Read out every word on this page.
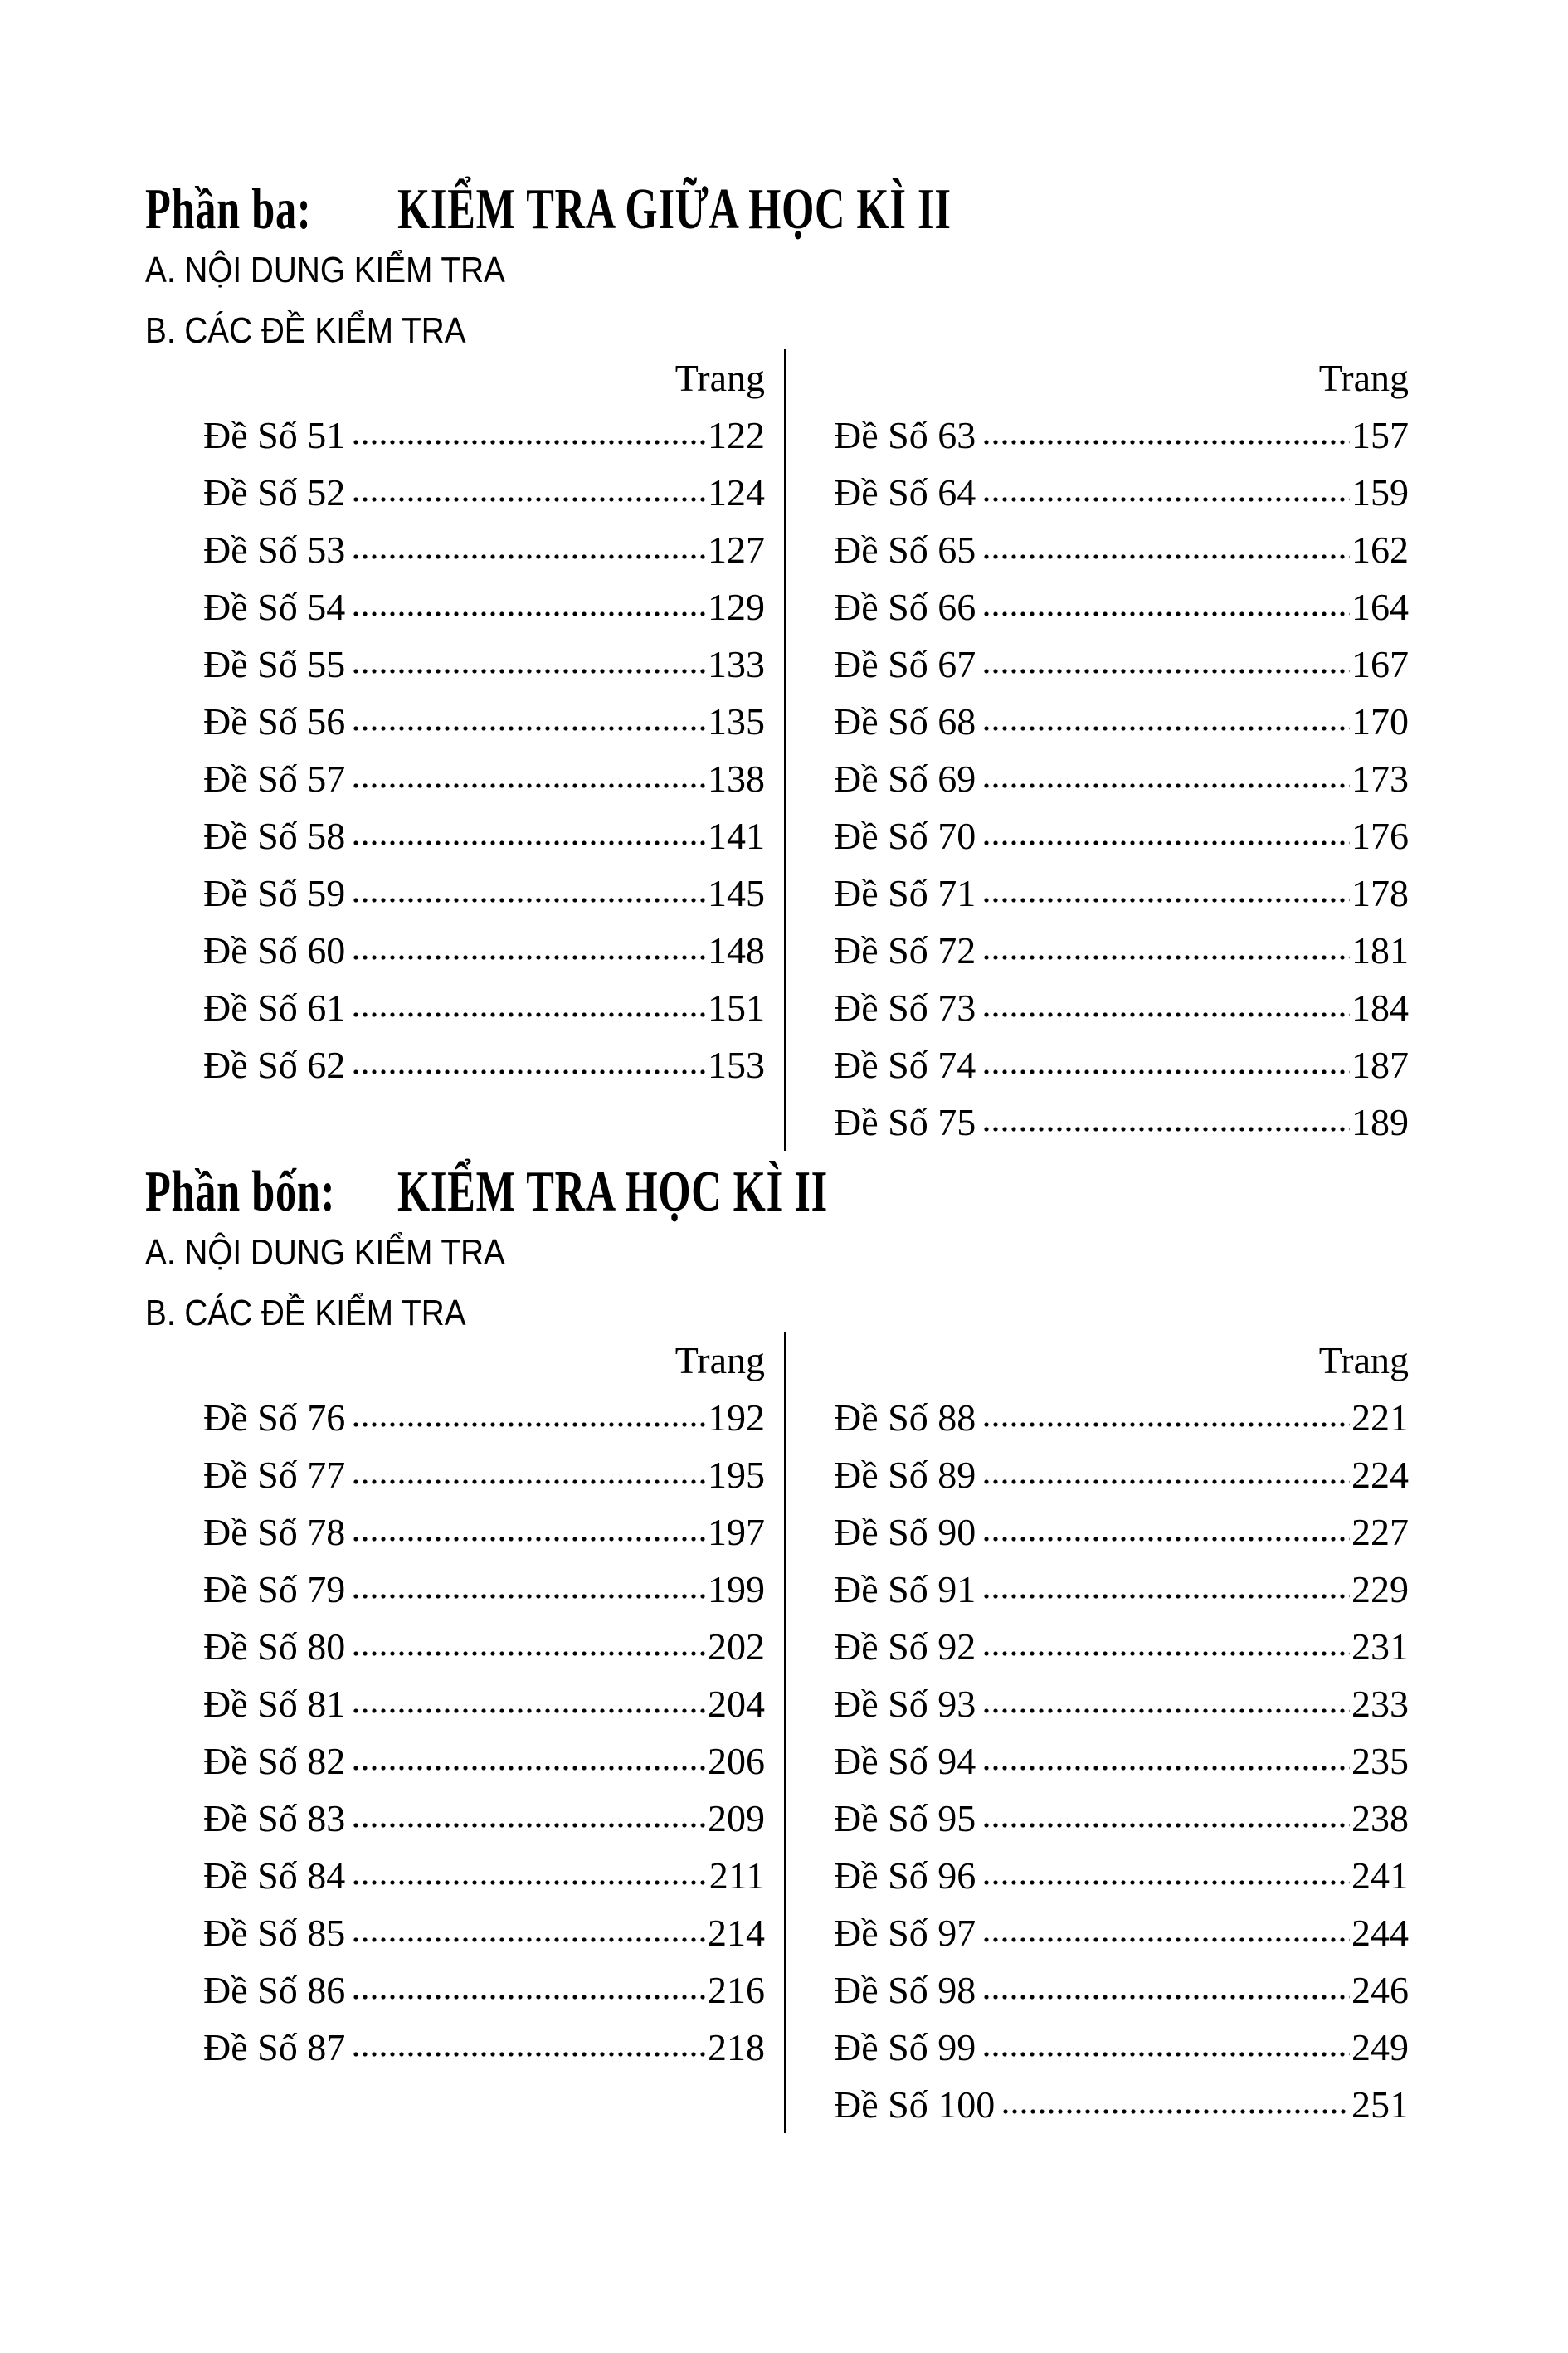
Phần ba: KIỂM TRA GIỮA HỌC KÌ II
A. NỘI DUNG KIỂM TRA
B. CÁC ĐỀ KIỂM TRA
Trang
Đề Số 51	122
Đề Số 52	124
Đề Số 53	127
Đề Số 54	129
Đề Số 55	133
Đề Số 56	135
Đề Số 57	138
Đề Số 58	141
Đề Số 59	145
Đề Số 60	148
Đề Số 61	151
Đề Số 62	153
Trang
Đề Số 63	157
Đề Số 64	159
Đề Số 65	162
Đề Số 66	164
Đề Số 67	167
Đề Số 68	170
Đề Số 69	173
Đề Số 70	176
Đề Số 71	178
Đề Số 72	181
Đề Số 73	184
Đề Số 74	187
Đề Số 75	189
Phần bốn: KIỂM TRA HỌC KÌ II
A. NỘI DUNG KIỂM TRA
B. CÁC ĐỀ KIỂM TRA
Trang
Đề Số 76	192
Đề Số 77	195
Đề Số 78	197
Đề Số 79	199
Đề Số 80	202
Đề Số 81	204
Đề Số 82	206
Đề Số 83	209
Đề Số 84	211
Đề Số 85	214
Đề Số 86	216
Đề Số 87	218
Trang
Đề Số 88	221
Đề Số 89	224
Đề Số 90	227
Đề Số 91	229
Đề Số 92	231
Đề Số 93	233
Đề Số 94	235
Đề Số 95	238
Đề Số 96	241
Đề Số 97	244
Đề Số 98	246
Đề Số 99	249
Đề Số 100	251
